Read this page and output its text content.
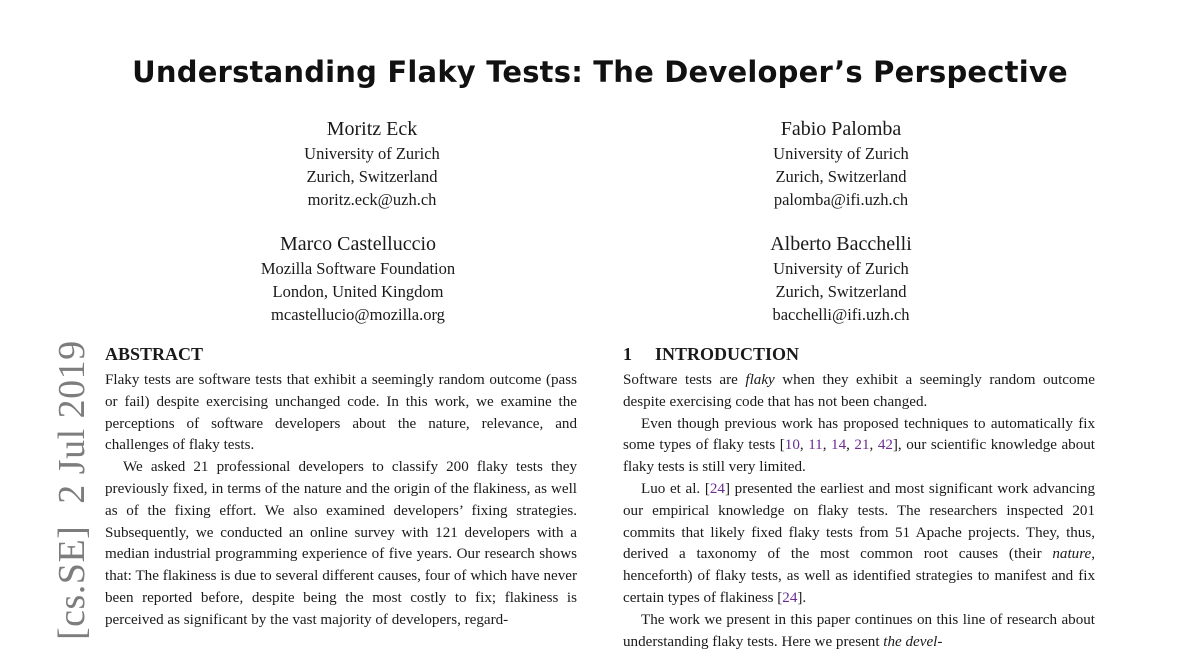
Understanding Flaky Tests: The Developer’s Perspective
Moritz Eck
University of Zurich
Zurich, Switzerland
moritz.eck@uzh.ch
Fabio Palomba
University of Zurich
Zurich, Switzerland
palomba@ifi.uzh.ch
Marco Castelluccio
Mozilla Software Foundation
London, United Kingdom
mcastellucio@mozilla.org
Alberto Bacchelli
University of Zurich
Zurich, Switzerland
bacchelli@ifi.uzh.ch
[cs.SE]2 Jul 2019 ABSTRACT

Flaky tests are software tests that exhibit a seemingly random outcome (pass or fail) despite exercising unchanged code. In this work, we examine the perceptions of software developers about the nature, relevance, and challenges of flaky tests.

We asked 21 professional developers to classify 200 flaky tests they previously fixed, in terms of the nature and the origin of the flakiness, as well as of the fixing effort. We also examined developers’ fixing strategies. Subsequently, we conducted an online survey with 121 developers with a median industrial programming experience of five years. Our research shows that: The flakiness is due to several different causes, four of which have never been reported before, despite being the most costly to fix; flakiness is perceived as significant by the vast majority of developers, regard-

1 INTRODUCTION

Software tests are flaky when they exhibit a seemingly random outcome despite exercising code that has not been changed.

Even though previous work has proposed techniques to automatically fix some types of flaky tests [10, 11, 14, 21, 42], our scientific knowledge about flaky tests is still very limited.

Luo et al. [24] presented the earliest and most significant work advancing our empirical knowledge on flaky tests. The researchers inspected 201 commits that likely fixed flaky tests from 51 Apache projects. They, thus, derived a taxonomy of the most common root causes (their nature, henceforth) of flaky tests, as well as identified strategies to manifest and fix certain types of flakiness [24].

The work we present in this paper continues on this line of research about understanding flaky tests. Here we present the devel-
